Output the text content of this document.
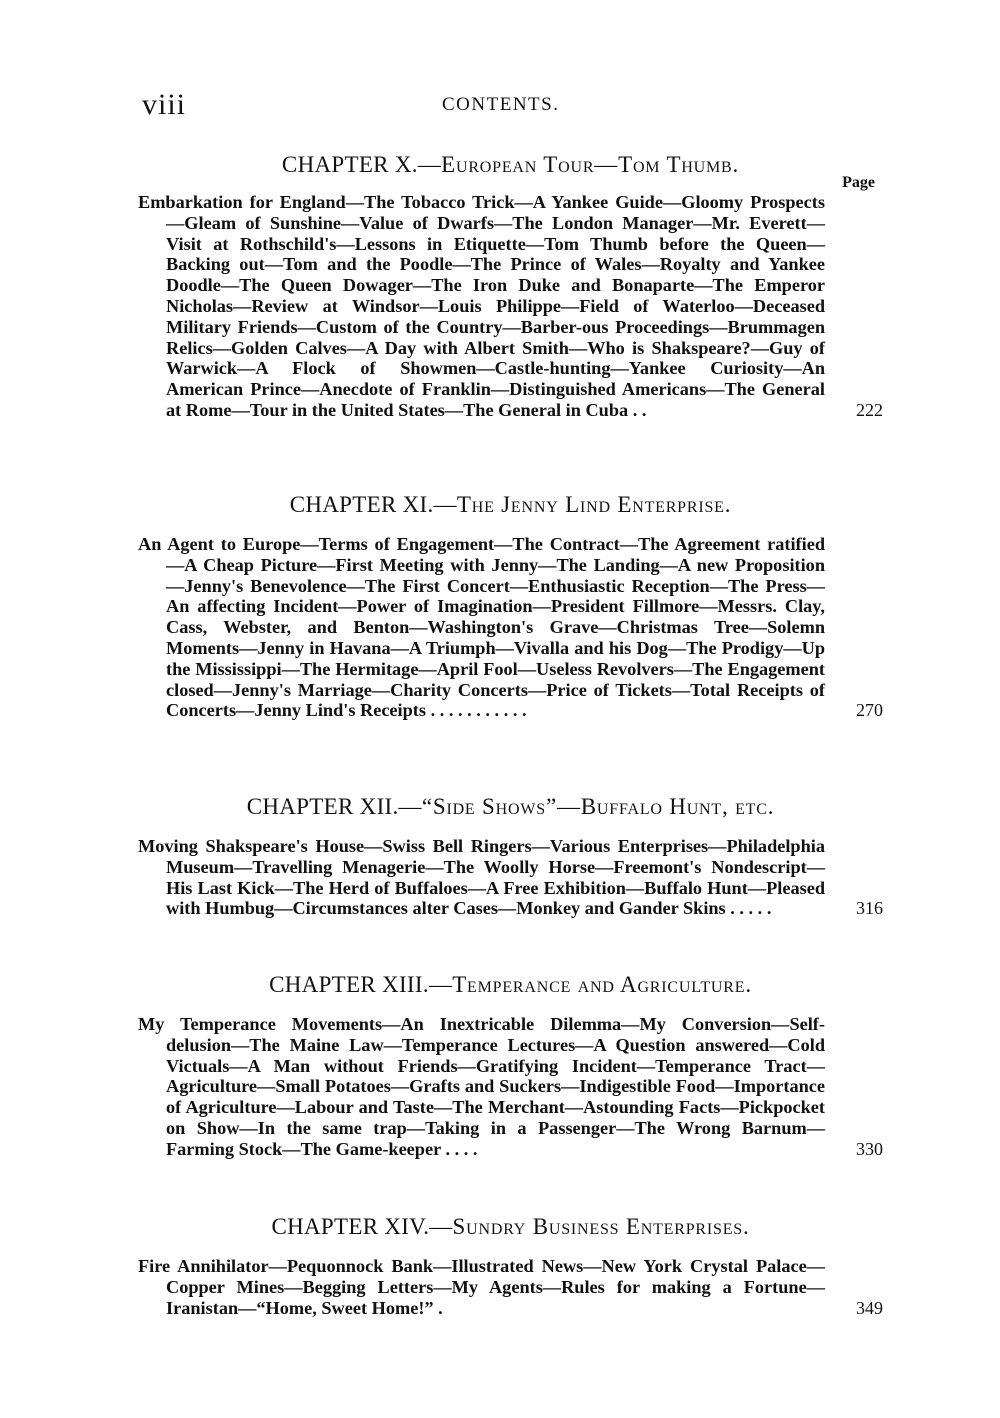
viii	CONTENTS.
CHAPTER X.—European Tour—Tom Thumb.
Page
Embarkation for England—The Tobacco Trick—A Yankee Guide—Gloomy Prospects—Gleam of Sunshine—Value of Dwarfs—The London Manager—Mr. Everett—Visit at Rothschild's—Lessons in Etiquette—Tom Thumb before the Queen—Backing out—Tom and the Poodle—The Prince of Wales—Royalty and Yankee Doodle—The Queen Dowager—The Iron Duke and Bonaparte—The Emperor Nicholas—Review at Windsor—Louis Philippe—Field of Waterloo—Deceased Military Friends—Custom of the Country—Barber-ous Proceedings—Brummagen Relics—Golden Calves—A Day with Albert Smith—Who is Shakspeare?—Guy of Warwick—A Flock of Showmen—Castle-hunting—Yankee Curiosity—An American Prince—Anecdote of Franklin—Distinguished Americans—The General at Rome—Tour in the United States—The General in Cuba . .	222
CHAPTER XI.—The Jenny Lind Enterprise.
An Agent to Europe—Terms of Engagement—The Contract—The Agreement ratified—A Cheap Picture—First Meeting with Jenny—The Landing—A new Proposition—Jenny's Benevolence—The First Concert—Enthusiastic Reception—The Press—An affecting Incident—Power of Imagination—President Fillmore—Messrs. Clay, Cass, Webster, and Benton—Washington's Grave—Christmas Tree—Solemn Moments—Jenny in Havana—A Triumph—Vivalla and his Dog—The Prodigy—Up the Mississippi—The Hermitage—April Fool—Useless Revolvers—The Engagement closed—Jenny's Marriage—Charity Concerts—Price of Tickets—Total Receipts of Concerts—Jenny Lind's Receipts . . . . . . . . . . .	270
CHAPTER XII.—“Side Shows”—Buffalo Hunt, etc.
Moving Shakspeare's House—Swiss Bell Ringers—Various Enterprises—Philadelphia Museum—Travelling Menagerie—The Woolly Horse—Freemont's Nondescript—His Last Kick—The Herd of Buffaloes—A Free Exhibition—Buffalo Hunt—Pleased with Humbug—Circumstances alter Cases—Monkey and Gander Skins . . . . .	316
CHAPTER XIII.—Temperance and Agriculture.
My Temperance Movements—An Inextricable Dilemma—My Conversion—Self-delusion—The Maine Law—Temperance Lectures—A Question answered—Cold Victuals—A Man without Friends—Gratifying Incident—Temperance Tract—Agriculture—Small Potatoes—Grafts and Suckers—Indigestible Food—Importance of Agriculture—Labour and Taste—The Merchant—Astounding Facts—Pickpocket on Show—In the same trap—Taking in a Passenger—The Wrong Barnum—Farming Stock—The Game-keeper . . . .	330
CHAPTER XIV.—Sundry Business Enterprises.
Fire Annihilator—Pequonnock Bank—Illustrated News—New York Crystal Palace—Copper Mines—Begging Letters—My Agents—Rules for making a Fortune—Iranistan—“Home, Sweet Home!” .	349
